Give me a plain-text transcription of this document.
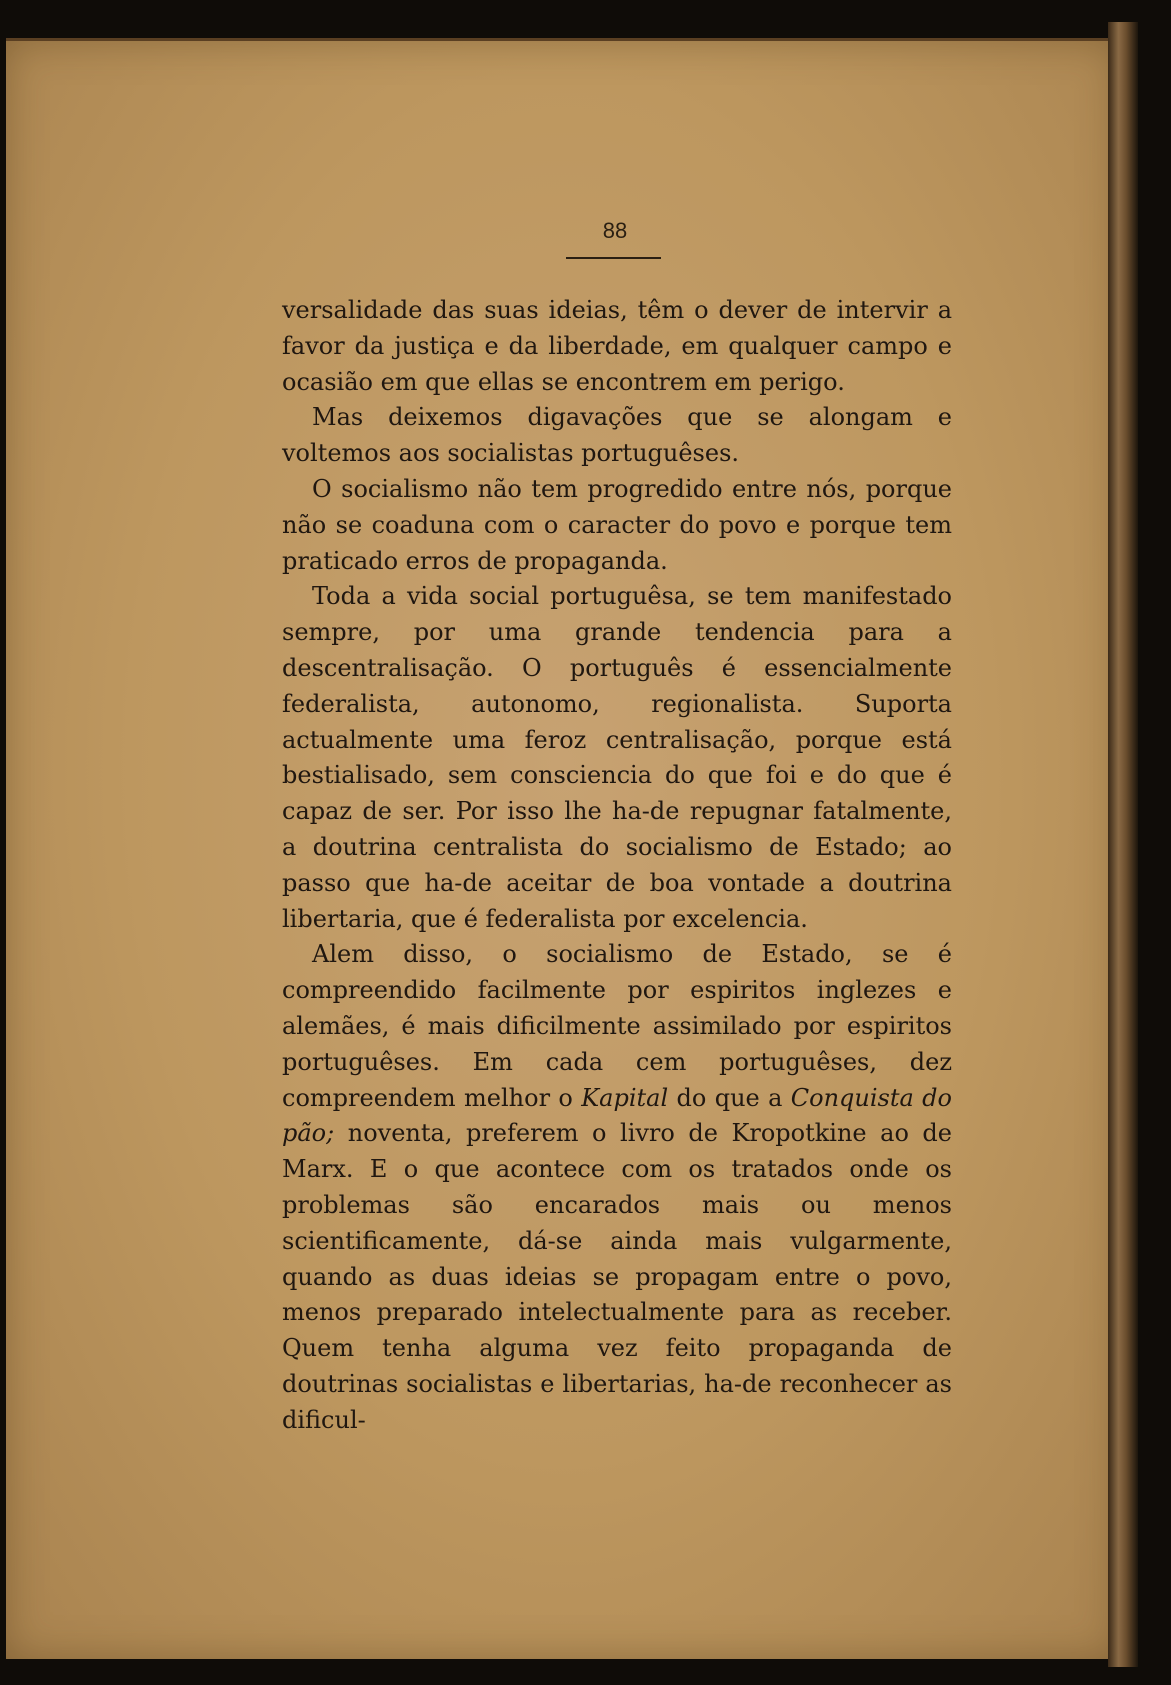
88

versalidade das suas ideias, têm o dever de intervir a favor da justiça e da liberdade, em qualquer campo e ocasião em que ellas se encontrem em perigo.

Mas deixemos digavações que se alongam e voltemos aos socialistas portuguêses.

O socialismo não tem progredido entre nós, porque não se coaduna com o caracter do povo e porque tem praticado erros de propaganda.

Toda a vida social portuguêsa, se tem manifestado sempre, por uma grande tendencia para a descentralisação. O português é essencialmente federalista, autonomo, regionalista. Suporta actualmente uma feroz centralisação, porque está bestialisado, sem consciencia do que foi e do que é capaz de ser. Por isso lhe ha-de repugnar fatalmente, a doutrina centralista do socialismo de Estado; ao passo que ha-de aceitar de boa vontade a doutrina libertaria, que é federalista por excelencia.

Alem disso, o socialismo de Estado, se é compreendido facilmente por espiritos inglezes e alemães, é mais dificilmente assimilado por espiritos portuguêses. Em cada cem portuguêses, dez compreendem melhor o Kapital do que a Conquista do pão; noventa, preferem o livro de Kropotkine ao de Marx. E o que acontece com os tratados onde os problemas são encarados mais ou menos scientificamente, dá-se ainda mais vulgarmente, quando as duas ideias se propagam entre o povo, menos preparado intelectualmente para as receber. Quem tenha alguma vez feito propaganda de doutrinas socialistas e libertarias, ha-de reconhecer as dificul-
